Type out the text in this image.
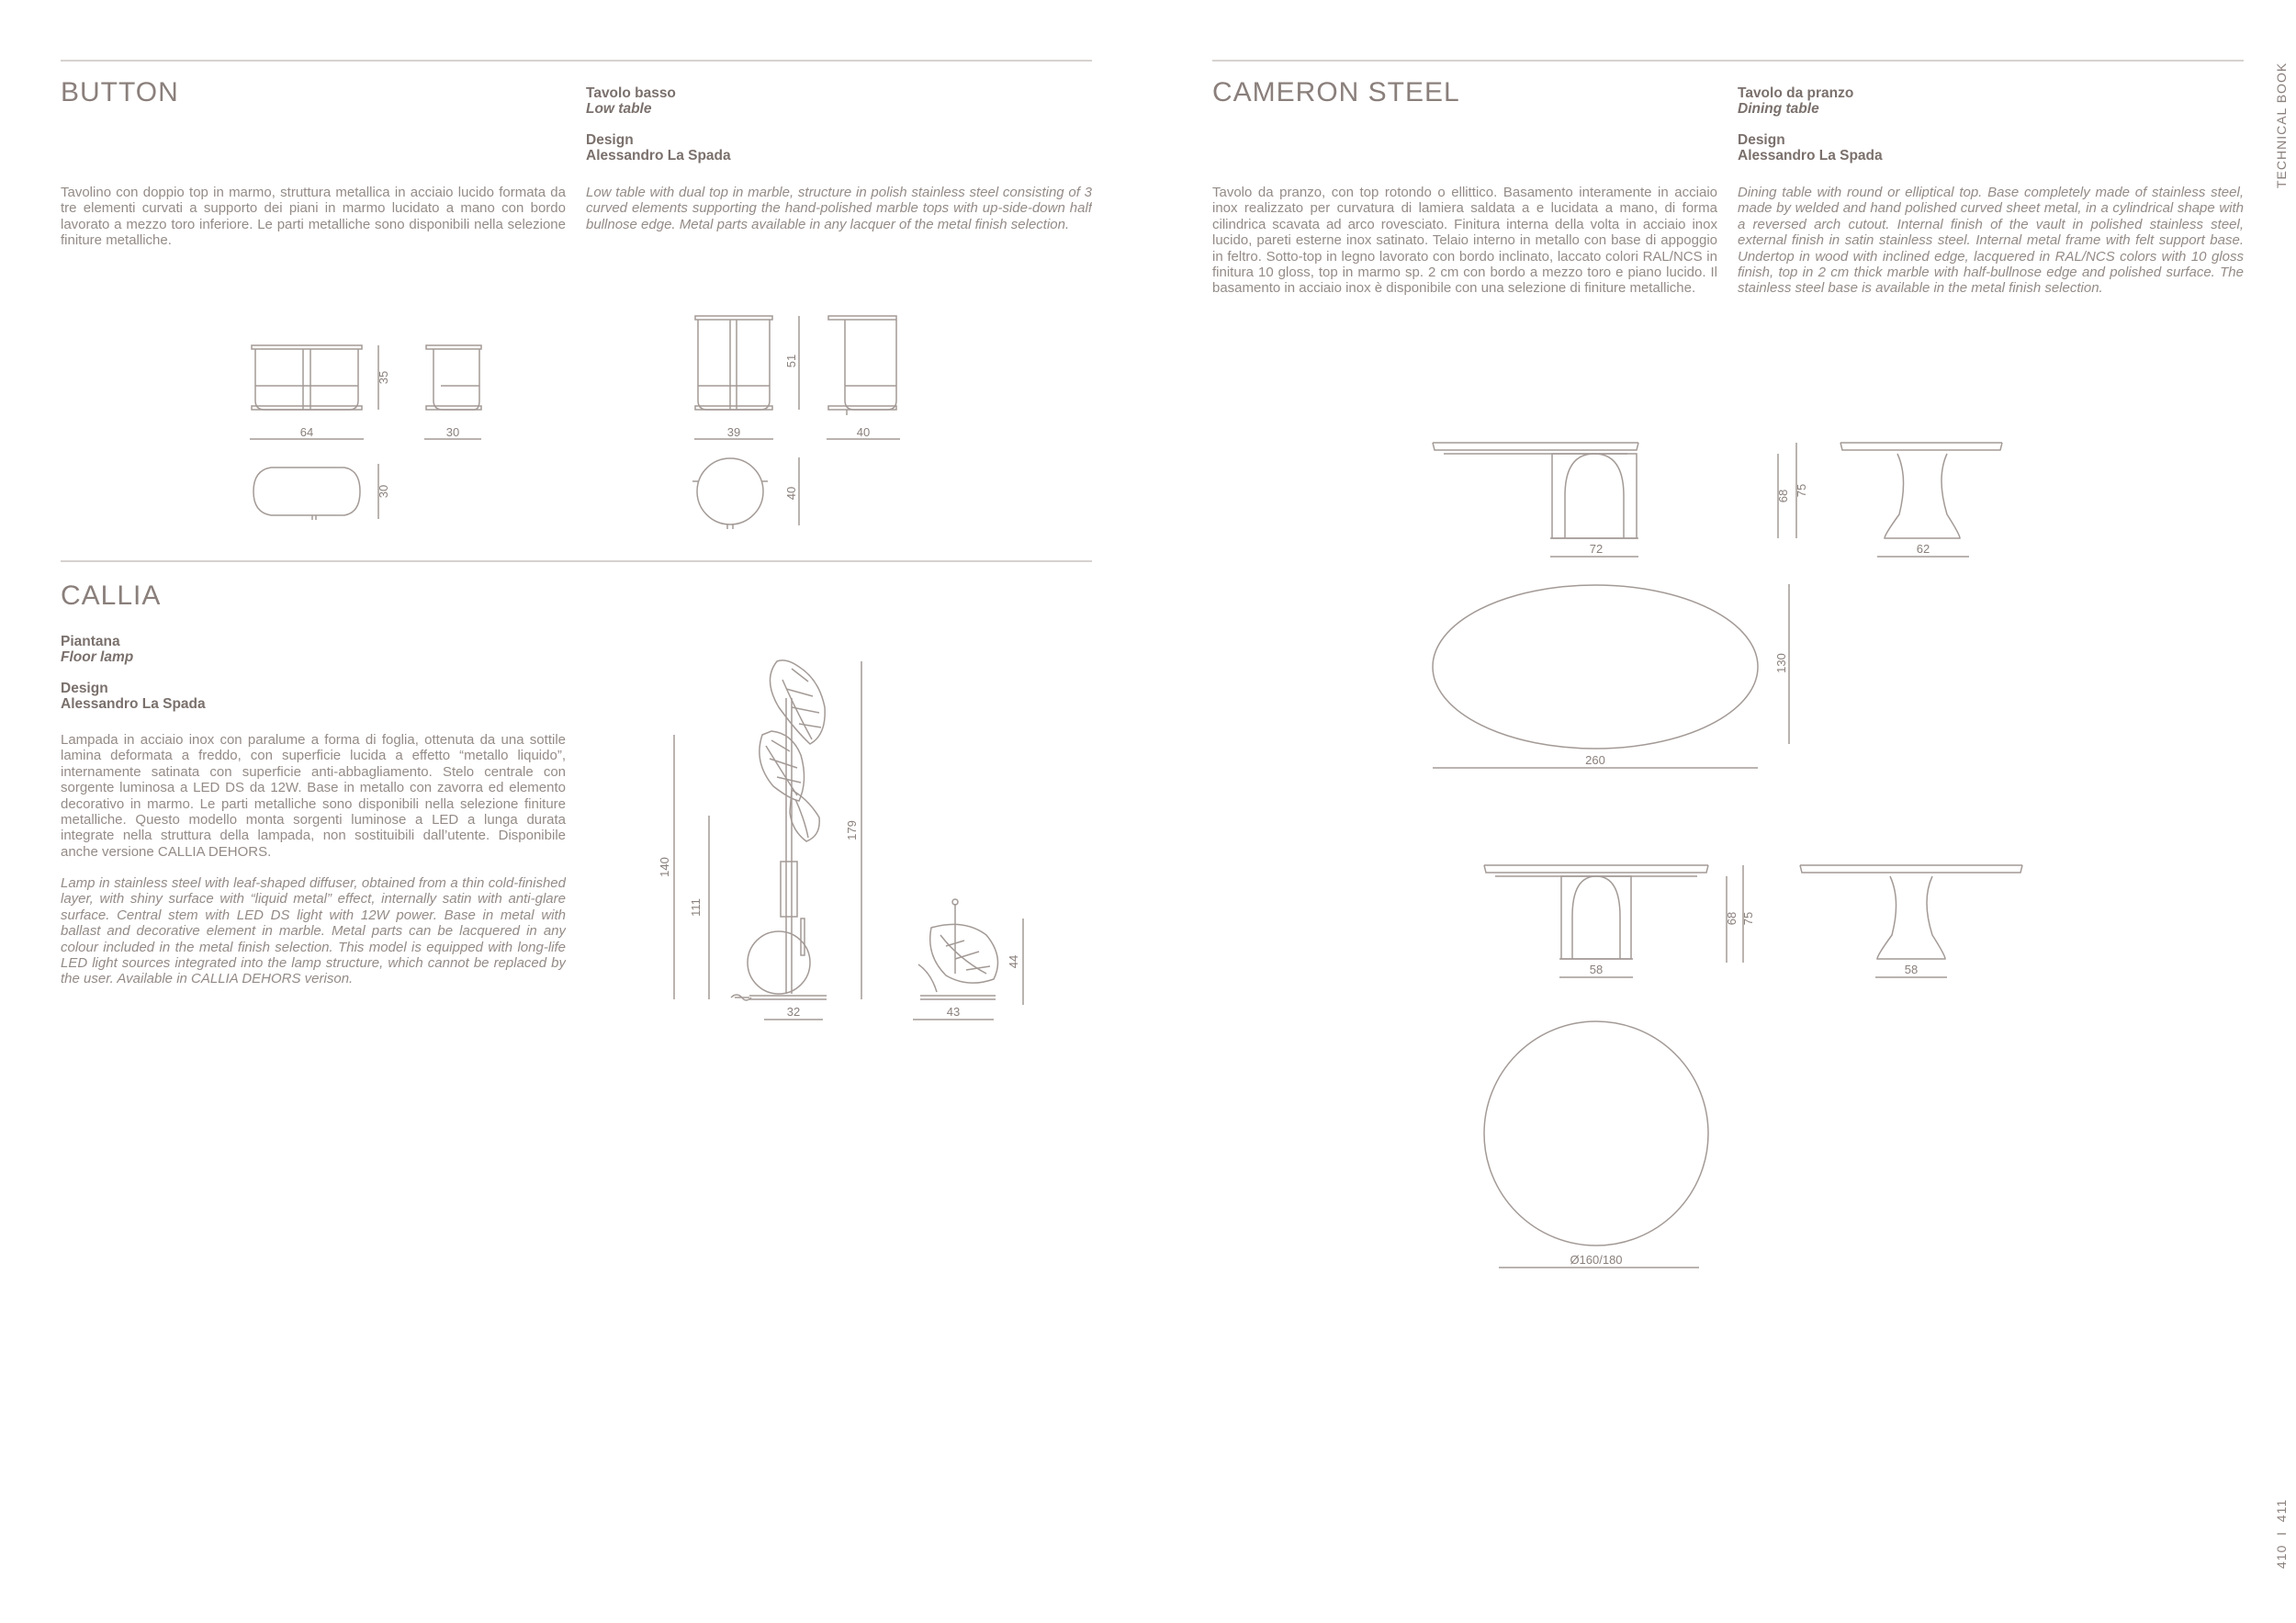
TECHNICAL BOOK
410  I  411
BUTTON	Tavolo basso
Low table
Design
Alessandro La Spada

Tavolino con doppio top in marmo, struttura metallica in acciaio lucido formata da tre elementi curvati a supporto dei piani in marmo lucidato a mano con bordo lavorato a mezzo toro inferiore. Le parti metalliche sono disponibili nella selezione finiture metalliche.

Low table with dual top in marble, structure in polish stainless steel consisting of 3 curved elements supporting the hand-polished marble tops with up-side-down half bullnose edge. Metal parts available in any lacquer of the metal finish selection.

64	30
35
30
39	40
51
40
CALLIA
Piantana
Floor lamp
Design
Alessandro La Spada

Lampada in acciaio inox con paralume a forma di foglia, ottenuta da una sottile lamina deformata a freddo, con superficie lucida a effetto “metallo liquido”, internamente satinata con superficie anti-abbagliamento. Stelo centrale con sorgente luminosa a LED DS da 12W. Base in metallo con zavorra ed elemento decorativo in marmo. Le parti metalliche sono disponibili nella selezione finiture metalliche. Questo modello monta sorgenti luminose a LED a lunga durata integrate nella struttura della lampada, non sostituibili dall’utente. Disponibile anche versione CALLIA DEHORS.

Lamp in stainless steel with leaf-shaped diffuser, obtained from a thin cold-finished layer, with shiny surface with “liquid metal” effect, internally satin with anti-glare surface. Central stem with LED DS light with 12W power. Base in metal with ballast and decorative element in marble. Metal parts can be lacquered in any colour included in the metal finish selection. This model is equipped with long-life LED light sources integrated into the lamp structure, which cannot be replaced by the user. Available in CALLIA DEHORS verison.

140
111
179
32	43
44
CAMERON STEEL	Tavolo da pranzo
Dining table
Design
Alessandro La Spada

Tavolo da pranzo, con top rotondo o ellittico. Basamento interamente in acciaio inox realizzato per curvatura di lamiera saldata a e lucidata a mano, di forma cilindrica scavata ad arco rovesciato. Finitura interna della volta in acciaio inox lucido, pareti esterne inox satinato. Telaio interno in metallo con base di appoggio in feltro. Sotto-top in legno lavorato con bordo inclinato, laccato colori RAL/NCS in finitura 10 gloss, top in marmo sp. 2 cm con bordo a mezzo toro e piano lucido. Il basamento in acciaio inox è disponibile con una selezione di finiture metalliche.

Dining table with round or elliptical top. Base completely made of stainless steel, made by welded and hand polished curved sheet metal, in a cylindrical shape with a reversed arch cutout. Internal finish of the vault in polished stainless steel, external finish in satin stainless steel. Internal metal frame with felt support base. Undertop in wood with inclined edge, lacquered in RAL/NCS colors with 10 gloss finish, top in 2 cm thick marble with half-bullnose edge and polished surface. The stainless steel base is available in the metal finish selection.

72
68 75
62
130
260
58
68 75
58
Ø160/180
